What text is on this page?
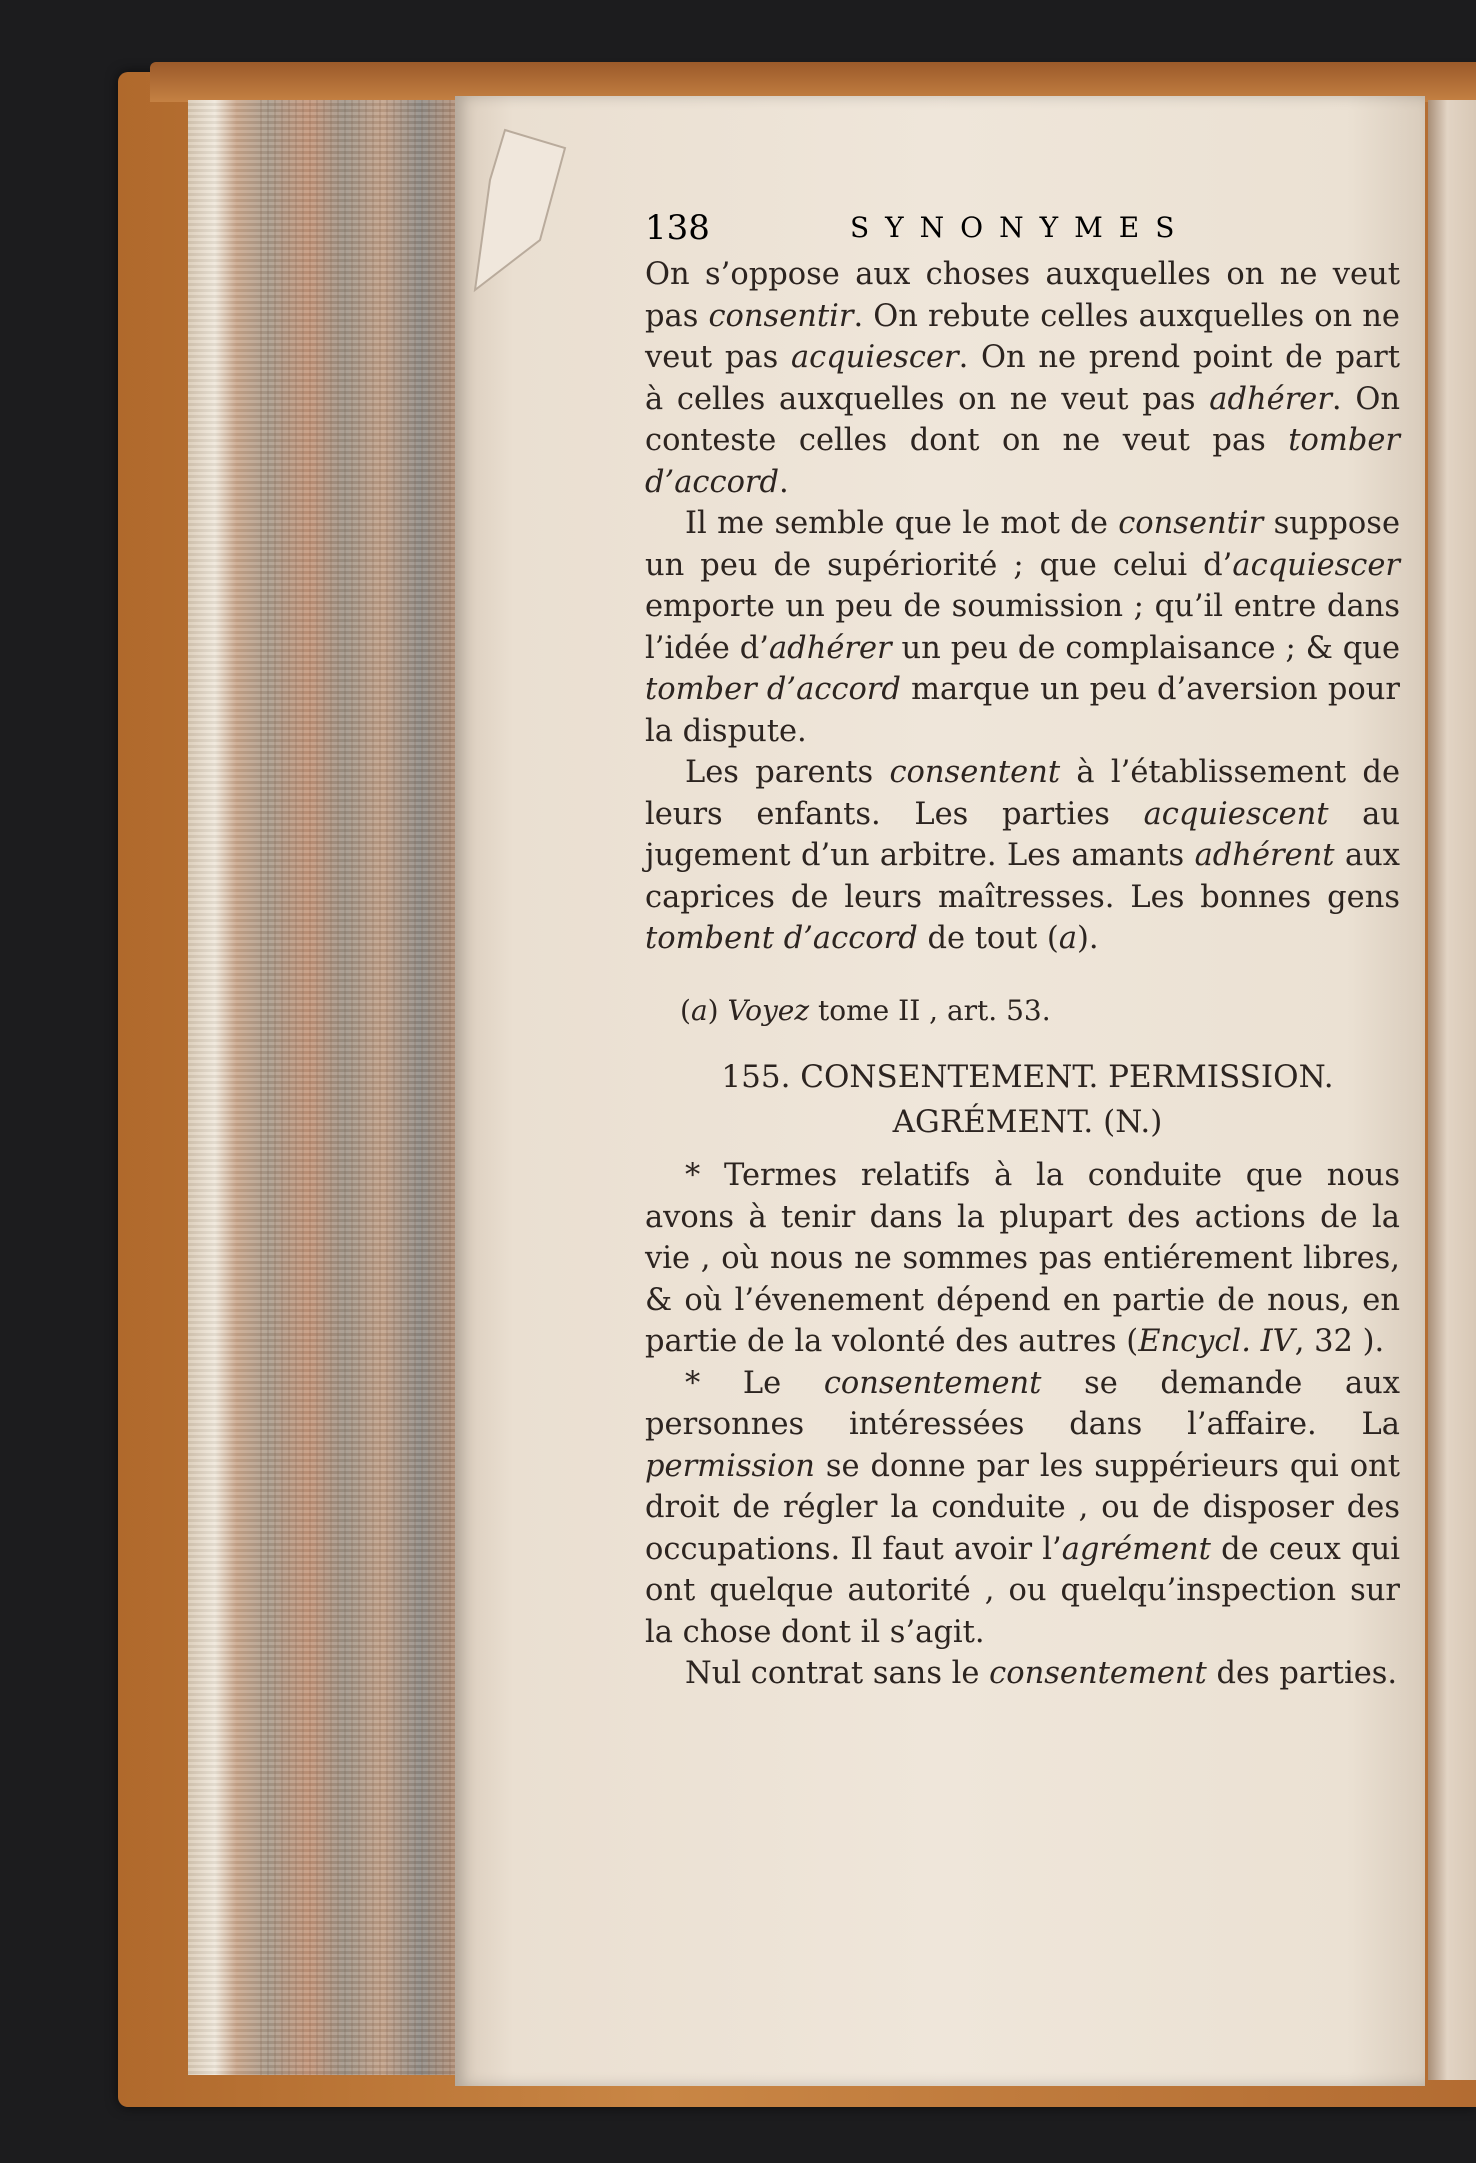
138	SYNONYMES

On s’oppose aux choses auxquelles on ne veut pas consentir. On rebute celles auxquelles on ne veut pas acquiescer. On ne prend point de part à celles auxquelles on ne veut pas adhérer. On conteste celles dont on ne veut pas tomber d’accord.

Il me semble que le mot de consentir suppose un peu de supériorité ; que celui d’acquiescer emporte un peu de soumission ; qu’il entre dans l’idée d’adhérer un peu de complaisance ; & que tomber d’accord marque un peu d’aversion pour la dispute.

Les parents consentent à l’établissement de leurs enfants. Les parties acquiescent au jugement d’un arbitre. Les amants adhérent aux caprices de leurs maîtresses. Les bonnes gens tombent d’accord de tout (a).

(a) Voyez tome II , art. 53.

155. CONSENTEMENT. PERMISSION.
AGRÉMENT. (N.)

* Termes relatifs à la conduite que nous avons à tenir dans la plupart des actions de la vie , où nous ne sommes pas entiérement libres, & où l’évenement dépend en partie de nous, en partie de la volonté des autres (Encycl. IV, 32 ).

* Le consentement se demande aux personnes intéressées dans l’affaire. La permission se donne par les suppérieurs qui ont droit de régler la conduite , ou de disposer des occupations. Il faut avoir l’agrément de ceux qui ont quelque autorité , ou quelqu’inspection sur la chose dont il s’agit.

Nul contrat sans le consentement des parties.
